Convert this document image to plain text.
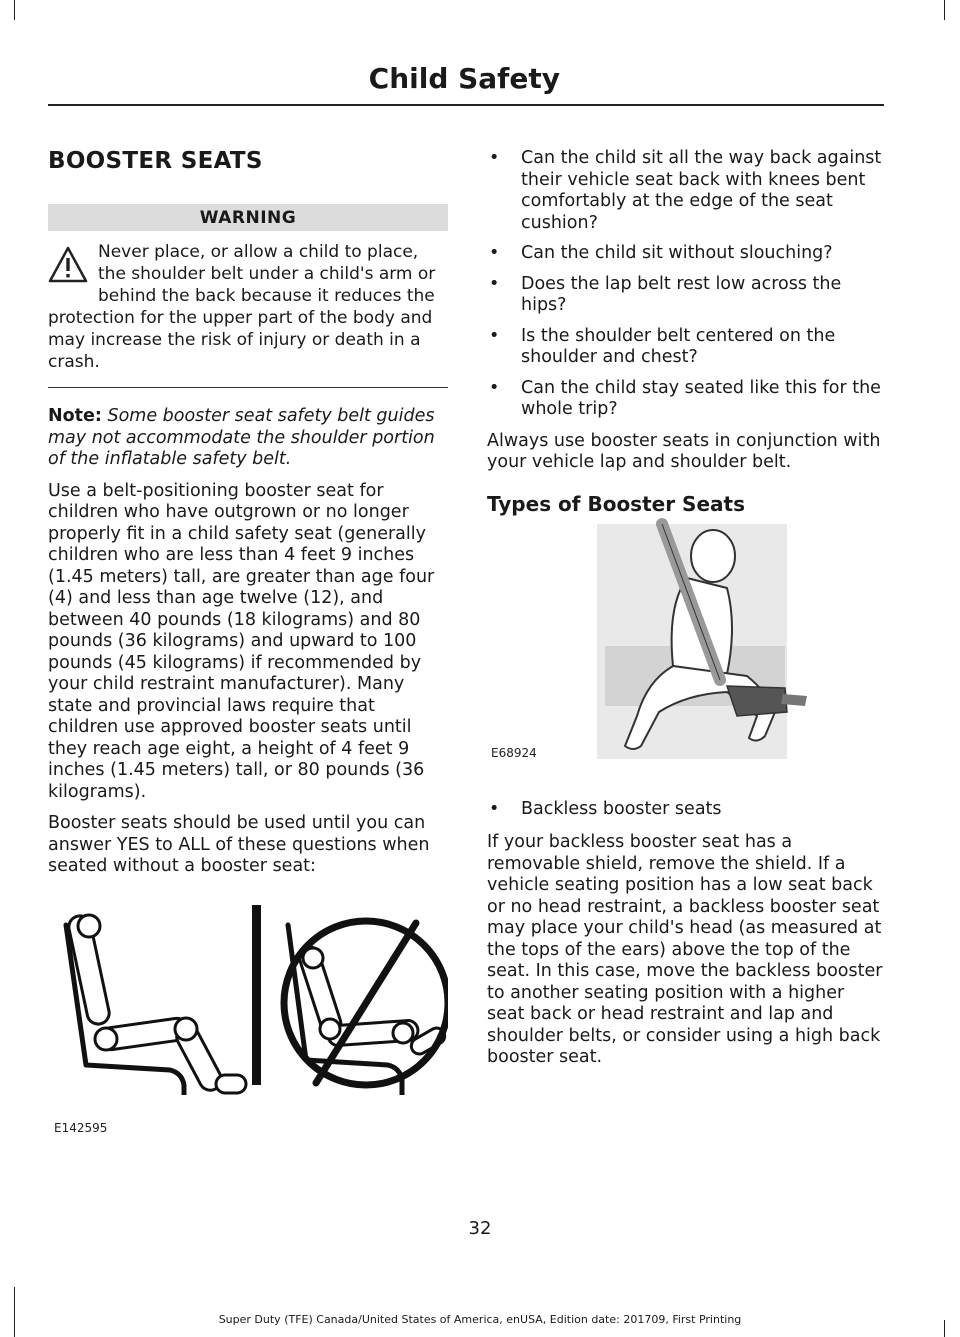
Child Safety
BOOSTER SEATS
WARNING
Never place, or allow a child to place, the shoulder belt under a child's arm or behind the back because it reduces the protection for the upper part of the body and may increase the risk of injury or death in a crash.

Note: Some booster seat safety belt guides may not accommodate the shoulder portion of the inflatable safety belt.

Use a belt-positioning booster seat for children who have outgrown or no longer properly fit in a child safety seat (generally children who are less than 4 feet 9 inches (1.45 meters) tall, are greater than age four (4) and less than age twelve (12), and between 40 pounds (18 kilograms) and 80 pounds (36 kilograms) and upward to 100 pounds (45 kilograms) if recommended by your child restraint manufacturer). Many state and provincial laws require that children use approved booster seats until they reach age eight, a height of 4 feet 9 inches (1.45 meters) tall, or 80 pounds (36 kilograms).

Booster seats should be used until you can answer YES to ALL of these questions when seated without a booster seat:

E142595
• Can the child sit all the way back against their vehicle seat back with knees bent comfortably at the edge of the seat cushion?
• Can the child sit without slouching?
• Does the lap belt rest low across the hips?
• Is the shoulder belt centered on the shoulder and chest?
• Can the child stay seated like this for the whole trip?

Always use booster seats in conjunction with your vehicle lap and shoulder belt.

Types of Booster Seats
E68924
• Backless booster seats

If your backless booster seat has a removable shield, remove the shield. If a vehicle seating position has a low seat back or no head restraint, a backless booster seat may place your child's head (as measured at the tops of the ears) above the top of the seat. In this case, move the backless booster to another seating position with a higher seat back or head restraint and lap and shoulder belts, or consider using a high back booster seat.

32
Super Duty (TFE) Canada/United States of America, enUSA, Edition date: 201709, First Printing
